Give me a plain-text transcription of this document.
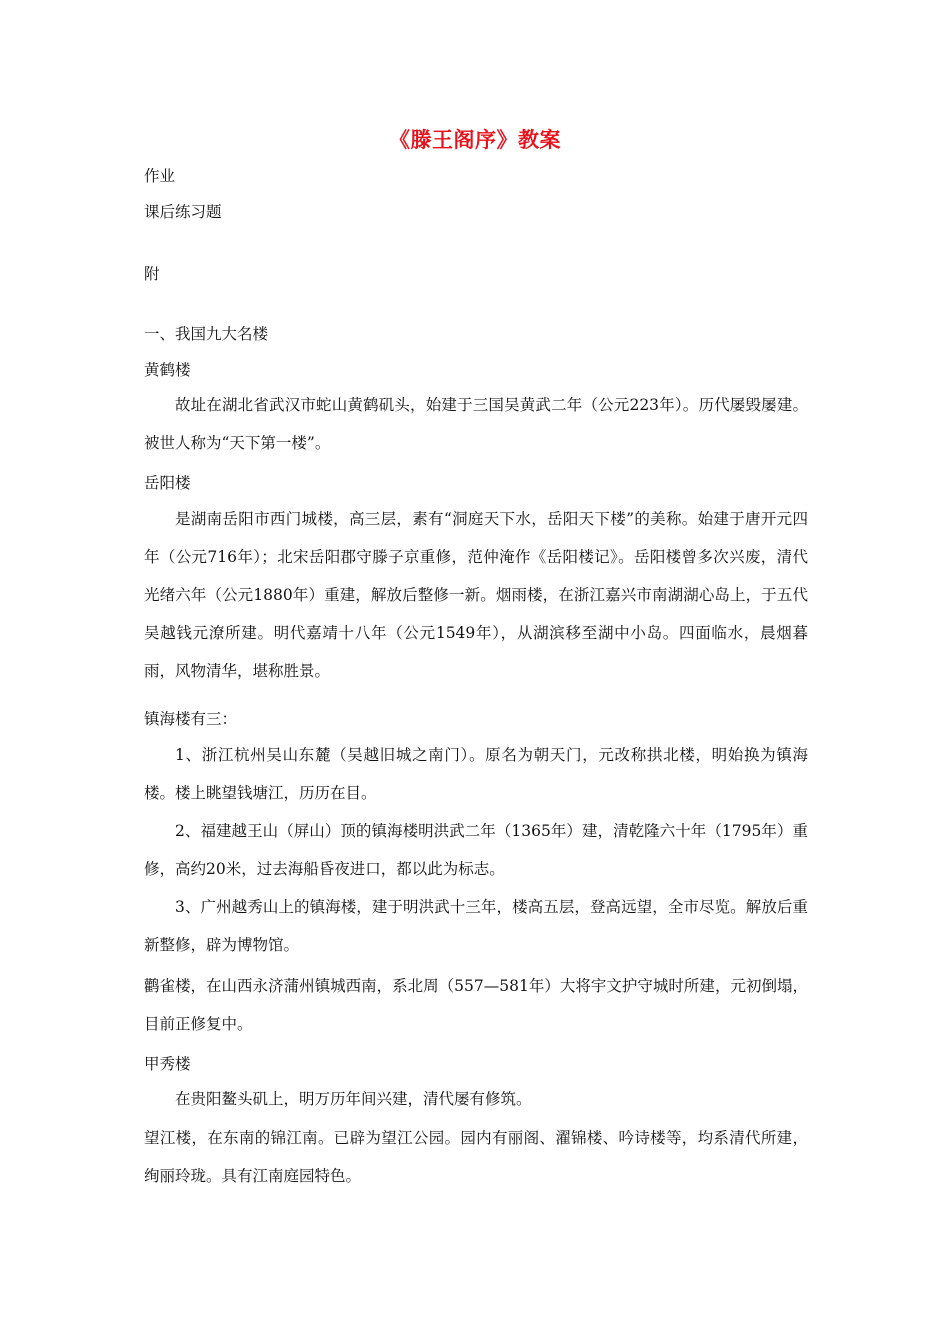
《滕王阁序》教案
作业
课后练习题
附
一、我国九大名楼
黄鹤楼
故址在湖北省武汉市蛇山黄鹤矶头，始建于三国吴黄武二年（公元223年）。历代屡毁屡建。被世人称为“天下第一楼”。
岳阳楼
是湖南岳阳市西门城楼，高三层，素有“洞庭天下水，岳阳天下楼”的美称。始建于唐开元四年（公元716年）；北宋岳阳郡守滕子京重修，范仲淹作《岳阳楼记》。岳阳楼曾多次兴废，清代光绪六年（公元1880年）重建，解放后整修一新。烟雨楼，在浙江嘉兴市南湖湖心岛上，于五代吴越钱元潦所建。明代嘉靖十八年（公元1549年），从湖滨移至湖中小岛。四面临水，晨烟暮雨，风物清华，堪称胜景。
镇海楼有三：
1、浙江杭州吴山东麓（吴越旧城之南门）。原名为朝天门，元改称拱北楼，明始换为镇海楼。楼上眺望钱塘江，历历在目。
2、福建越王山（屏山）顶的镇海楼明洪武二年（1365年）建，清乾隆六十年（1795年）重修，高约20米，过去海船昏夜进口，都以此为标志。
3、广州越秀山上的镇海楼，建于明洪武十三年，楼高五层，登高远望，全市尽览。解放后重新整修，辟为博物馆。
鹳雀楼，在山西永济蒲州镇城西南，系北周（557—581年）大将宇文护守城时所建，元初倒塌，目前正修复中。
甲秀楼
在贵阳鳌头矶上，明万历年间兴建，清代屡有修筑。
望江楼，在东南的锦江南。已辟为望江公园。园内有丽阁、濯锦楼、吟诗楼等，均系清代所建，绚丽玲珑。具有江南庭园特色。
